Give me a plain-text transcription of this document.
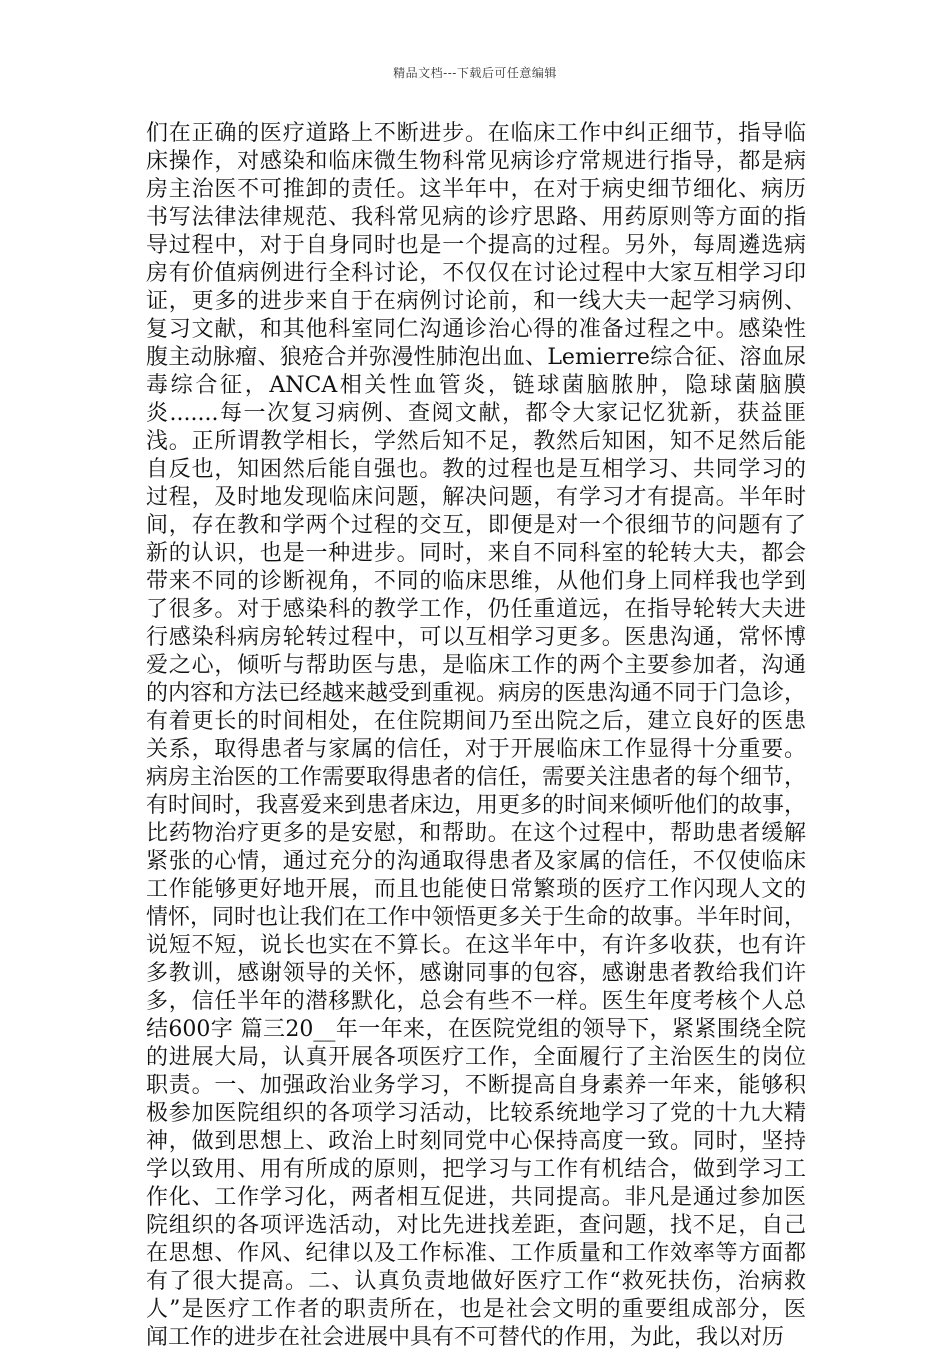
精品文档---下载后可任意编辑
们在正确的医疗道路上不断进步。在临床工作中纠正细节，指导临
床操作，对感染和临床微生物科常见病诊疗常规进行指导，都是病
房主治医不可推卸的责任。这半年中，在对于病史细节细化、病历
书写法律法律规范、我科常见病的诊疗思路、用药原则等方面的指
导过程中，对于自身同时也是一个提高的过程。另外，每周遴选病
房有价值病例进行全科讨论，不仅仅在讨论过程中大家互相学习印
证，更多的进步来自于在病例讨论前，和一线大夫一起学习病例、
复习文献，和其他科室同仁沟通诊治心得的准备过程之中。感染性
腹主动脉瘤、狼疮合并弥漫性肺泡出血、Lemierre综合征、溶血尿
毒综合征，ANCA相关性血管炎，链球菌脑脓肿，隐球菌脑膜
炎.......每一次复习病例、查阅文献，都令大家记忆犹新，获益匪
浅。正所谓教学相长，学然后知不足，教然后知困，知不足然后能
自反也，知困然后能自强也。教的过程也是互相学习、共同学习的
过程，及时地发现临床问题，解决问题，有学习才有提高。半年时
间，存在教和学两个过程的交互，即便是对一个很细节的问题有了
新的认识，也是一种进步。同时，来自不同科室的轮转大夫，都会
带来不同的诊断视角，不同的临床思维，从他们身上同样我也学到
了很多。对于感染科的教学工作，仍任重道远，在指导轮转大夫进
行感染科病房轮转过程中，可以互相学习更多。医患沟通，常怀博
爱之心，倾听与帮助医与患，是临床工作的两个主要参加者，沟通
的内容和方法已经越来越受到重视。病房的医患沟通不同于门急诊，
有着更长的时间相处，在住院期间乃至出院之后，建立良好的医患
关系，取得患者与家属的信任，对于开展临床工作显得十分重要。
病房主治医的工作需要取得患者的信任，需要关注患者的每个细节，
有时间时，我喜爱来到患者床边，用更多的时间来倾听他们的故事，
比药物治疗更多的是安慰，和帮助。在这个过程中，帮助患者缓解
紧张的心情，通过充分的沟通取得患者及家属的信任，不仅使临床
工作能够更好地开展，而且也能使日常繁琐的医疗工作闪现人文的
情怀，同时也让我们在工作中领悟更多关于生命的故事。半年时间，
说短不短，说长也实在不算长。在这半年中，有许多收获，也有许
多教训，感谢领导的关怀，感谢同事的包容，感谢患者教给我们许
多，信任半年的潜移默化，总会有些不一样。医生年度考核个人总
结600字 篇三20__年一年来，在医院党组的领导下，紧紧围绕全院
的进展大局，认真开展各项医疗工作，全面履行了主治医生的岗位
职责。一、加强政治业务学习，不断提高自身素养一年来，能够积
极参加医院组织的各项学习活动，比较系统地学习了党的十九大精
神，做到思想上、政治上时刻同党中心保持高度一致。同时，坚持
学以致用、用有所成的原则，把学习与工作有机结合，做到学习工
作化、工作学习化，两者相互促进，共同提高。非凡是通过参加医
院组织的各项评选活动，对比先进找差距，查问题，找不足，自己
在思想、作风、纪律以及工作标准、工作质量和工作效率等方面都
有了很大提高。二、认真负责地做好医疗工作“救死扶伤，治病救
人”是医疗工作者的职责所在，也是社会文明的重要组成部分，医
闻工作的进步在社会进展中具有不可替代的作用，为此，我以对历
